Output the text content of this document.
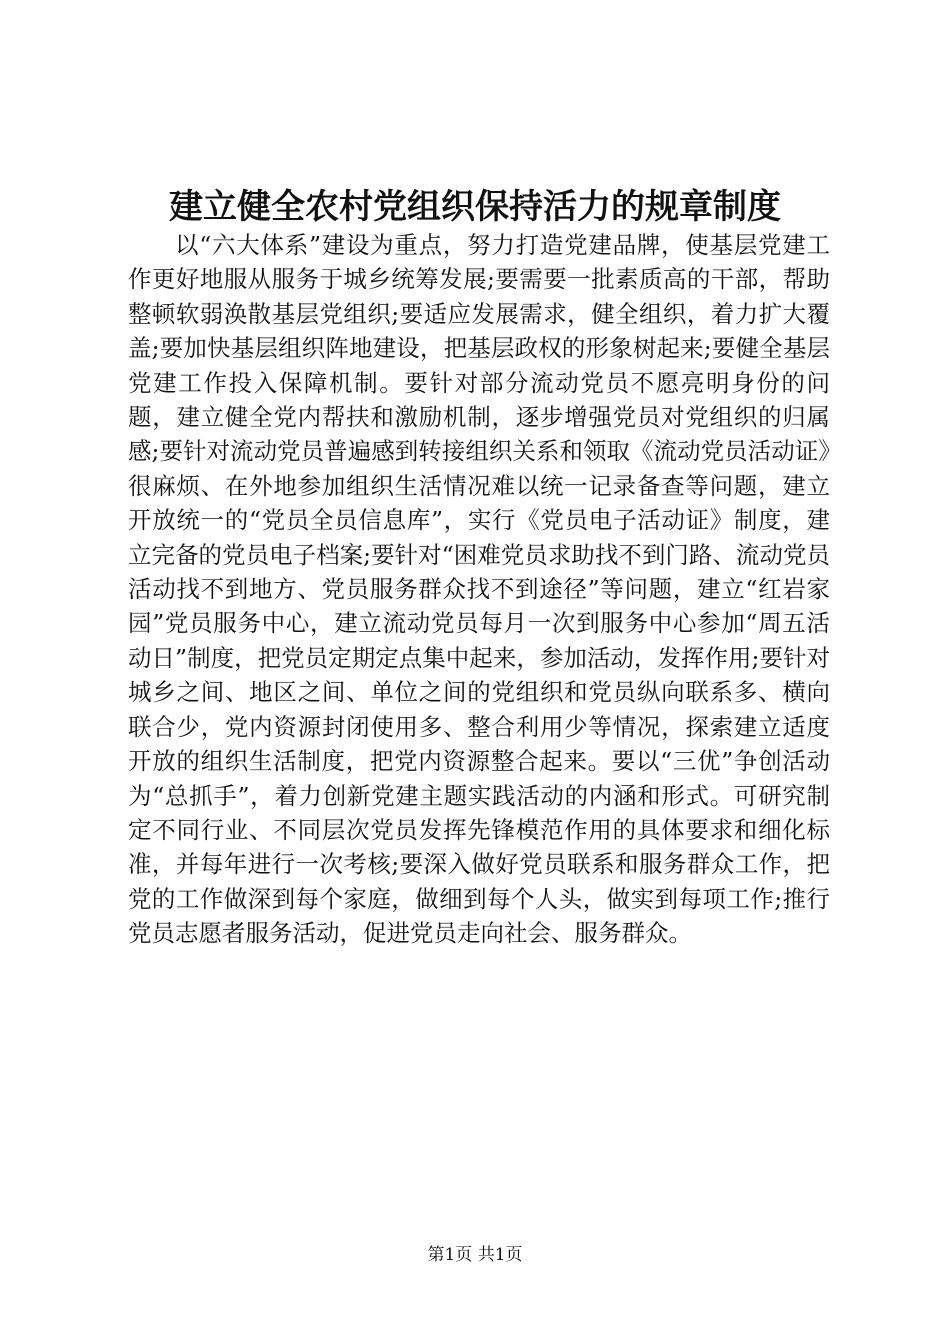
建立健全农村党组织保持活力的规章制度

以“六大体系”建设为重点，努力打造党建品牌，使基层党建工作更好地服从服务于城乡统筹发展;要需要一批素质高的干部，帮助整顿软弱涣散基层党组织;要适应发展需求，健全组织，着力扩大覆盖;要加快基层组织阵地建设，把基层政权的形象树起来;要健全基层党建工作投入保障机制。要针对部分流动党员不愿亮明身份的问题，建立健全党内帮扶和激励机制，逐步增强党员对党组织的归属感;要针对流动党员普遍感到转接组织关系和领取《流动党员活动证》很麻烦、在外地参加组织生活情况难以统一记录备查等问题，建立开放统一的“党员全员信息库”，实行《党员电子活动证》制度，建立完备的党员电子档案;要针对“困难党员求助找不到门路、流动党员活动找不到地方、党员服务群众找不到途径”等问题，建立“红岩家园”党员服务中心，建立流动党员每月一次到服务中心参加“周五活动日”制度，把党员定期定点集中起来，参加活动，发挥作用;要针对城乡之间、地区之间、单位之间的党组织和党员纵向联系多、横向联合少，党内资源封闭使用多、整合利用少等情况，探索建立适度开放的组织生活制度，把党内资源整合起来。要以“三优”争创活动为“总抓手”，着力创新党建主题实践活动的内涵和形式。可研究制定不同行业、不同层次党员发挥先锋模范作用的具体要求和细化标准，并每年进行一次考核;要深入做好党员联系和服务群众工作，把党的工作做深到每个家庭，做细到每个人头，做实到每项工作;推行党员志愿者服务活动，促进党员走向社会、服务群众。

第1页 共1页
